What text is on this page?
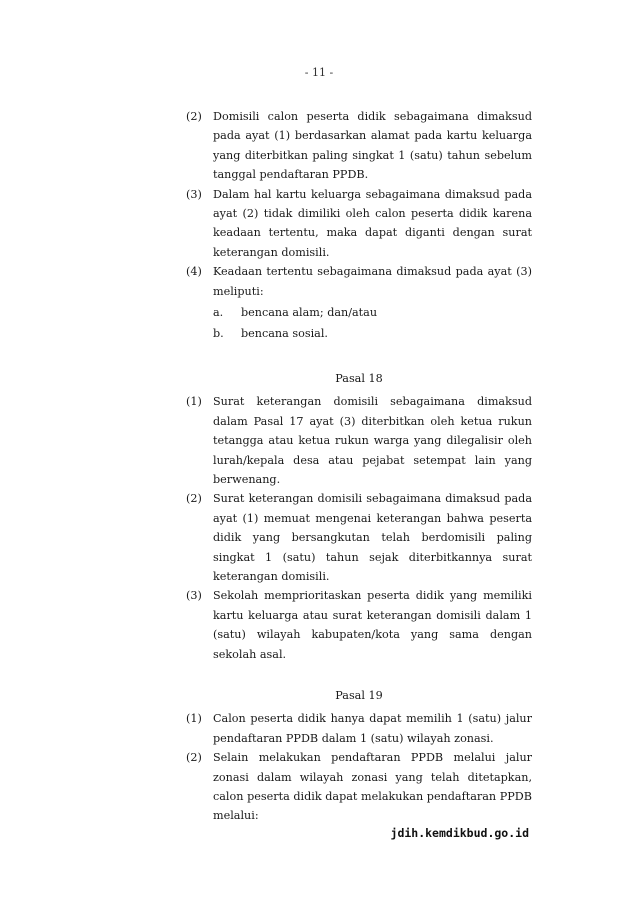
- 11 -
(2) Domisili calon peserta didik sebagaimana dimaksud pada ayat (1) berdasarkan alamat pada kartu keluarga yang diterbitkan paling singkat 1 (satu) tahun sebelum tanggal pendaftaran PPDB.
(3) Dalam hal kartu keluarga sebagaimana dimaksud pada ayat (2) tidak dimiliki oleh calon peserta didik karena keadaan tertentu, maka dapat diganti dengan surat keterangan domisili.
(4) Keadaan tertentu sebagaimana dimaksud pada ayat (3) meliputi:
a.	bencana alam; dan/atau
b.	bencana sosial.

Pasal 18

(1) Surat keterangan domisili sebagaimana dimaksud dalam Pasal 17 ayat (3) diterbitkan oleh ketua rukun tetangga atau ketua rukun warga yang dilegalisir oleh lurah/kepala desa atau pejabat setempat lain yang berwenang.
(2) Surat keterangan domisili sebagaimana dimaksud pada ayat (1) memuat mengenai keterangan bahwa peserta didik yang bersangkutan telah berdomisili paling singkat 1 (satu) tahun sejak diterbitkannya surat keterangan domisili.
(3) Sekolah memprioritaskan peserta didik yang memiliki kartu keluarga atau surat keterangan domisili dalam 1 (satu) wilayah kabupaten/kota yang sama dengan sekolah asal.

Pasal 19

(1) Calon peserta didik hanya dapat memilih 1 (satu) jalur pendaftaran PPDB dalam 1 (satu) wilayah zonasi.
(2) Selain melakukan pendaftaran PPDB melalui jalur zonasi dalam wilayah zonasi yang telah ditetapkan, calon peserta didik dapat melakukan pendaftaran PPDB melalui:
jdih.kemdikbud.go.id
